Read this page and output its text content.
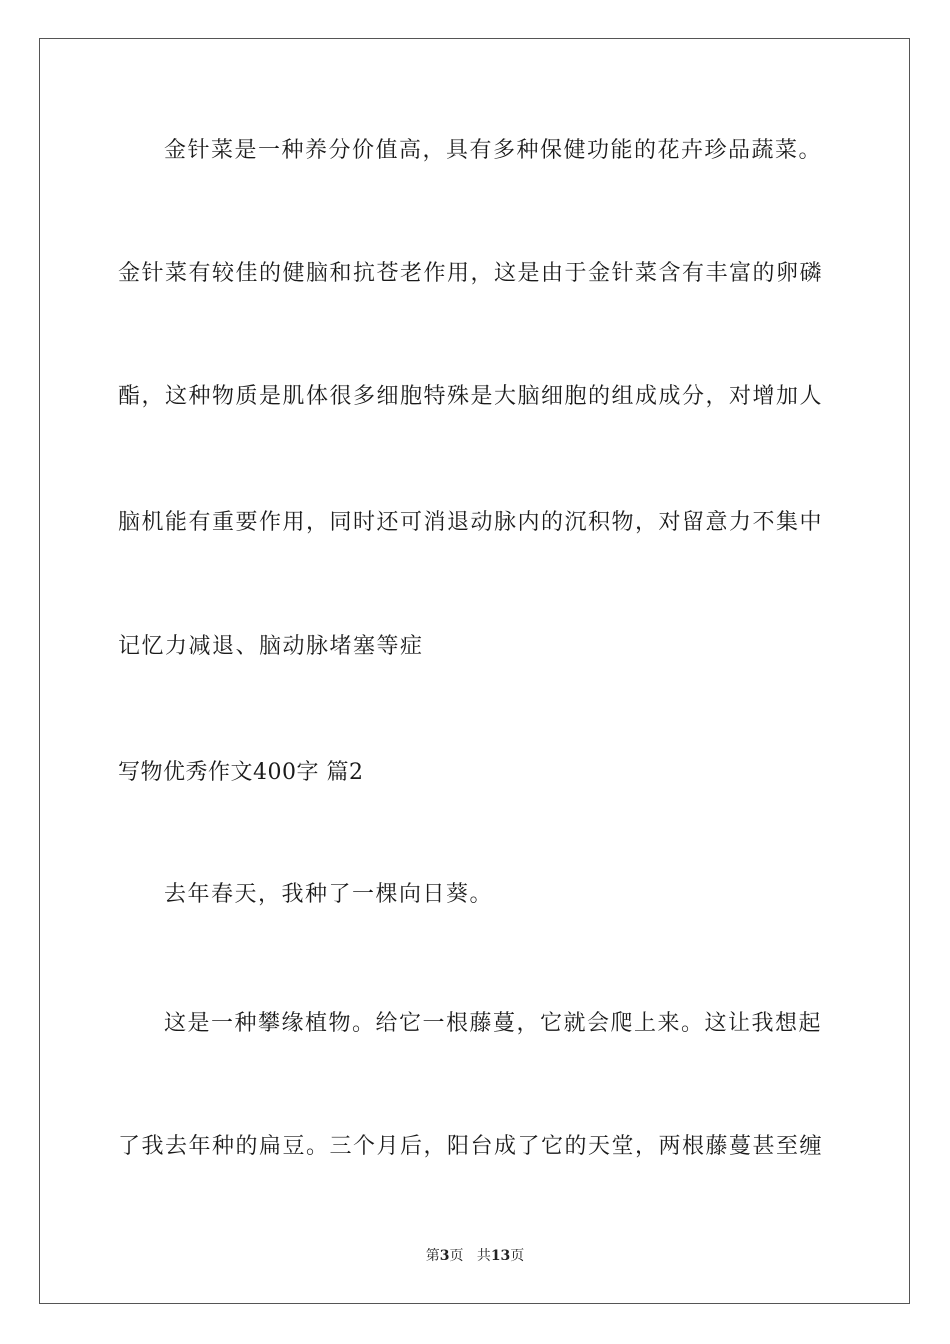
金针菜是一种养分价值高，具有多种保健功能的花卉珍品蔬菜。
金针菜有较佳的健脑和抗苍老作用，这是由于金针菜含有丰富的卵磷
酯，这种物质是肌体很多细胞特殊是大脑细胞的组成成分，对增加人
脑机能有重要作用，同时还可消退动脉内的沉积物，对留意力不集中
记忆力减退、脑动脉堵塞等症
写物优秀作文400字 篇2
去年春天，我种了一棵向日葵。
这是一种攀缘植物。给它一根藤蔓，它就会爬上来。这让我想起
了我去年种的扁豆。三个月后，阳台成了它的天堂，两根藤蔓甚至缠
第3页 共13页
